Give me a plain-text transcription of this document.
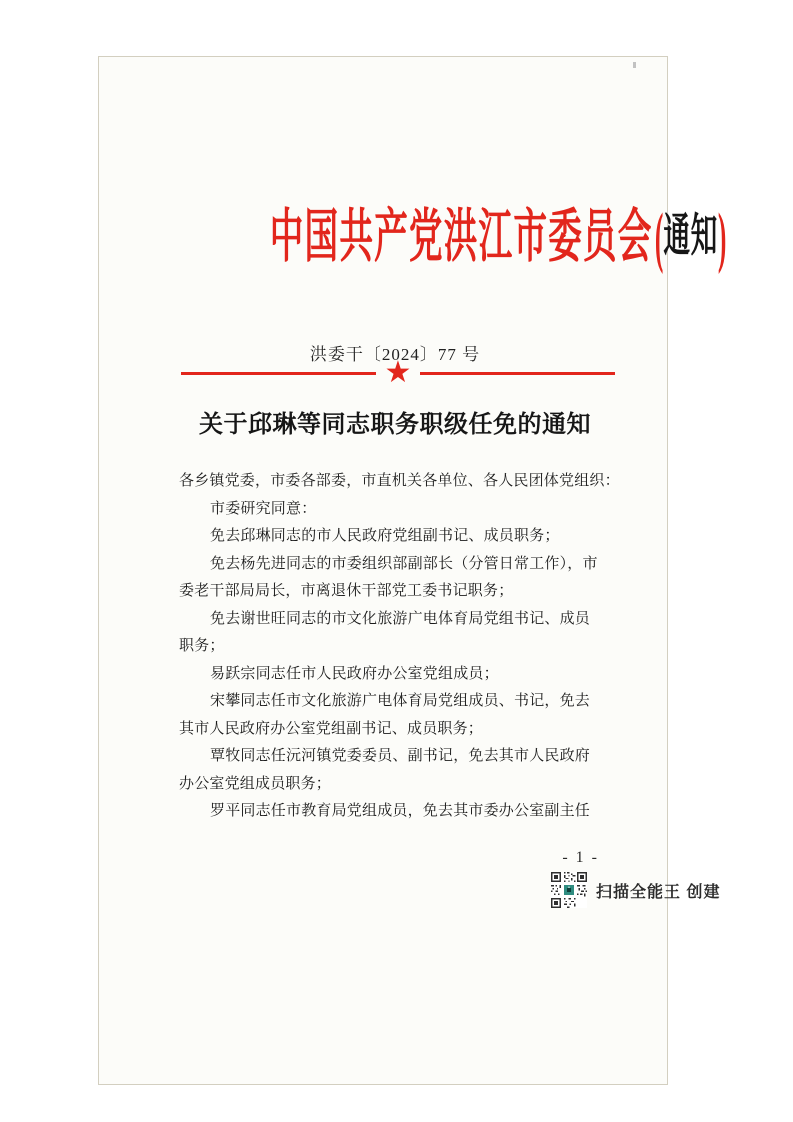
中国共产党洪江市委员会 (通知)
洪委干〔2024〕77 号
★
关于邱琳等同志职务职级任免的通知

各乡镇党委，市委各部委，市直机关各单位、各人民团体党组织：

市委研究同意：

免去邱琳同志的市人民政府党组副书记、成员职务；

免去杨先进同志的市委组织部副部长（分管日常工作），市

委老干部局局长，市离退休干部党工委书记职务；

免去谢世旺同志的市文化旅游广电体育局党组书记、成员

职务；

易跃宗同志任市人民政府办公室党组成员；

宋攀同志任市文化旅游广电体育局党组成员、书记，免去

其市人民政府办公室党组副书记、成员职务；

覃牧同志任沅河镇党委委员、副书记，免去其市人民政府

办公室党组成员职务；

罗平同志任市教育局党组成员，免去其市委办公室副主任

- 1 -
扫描全能王 创建
